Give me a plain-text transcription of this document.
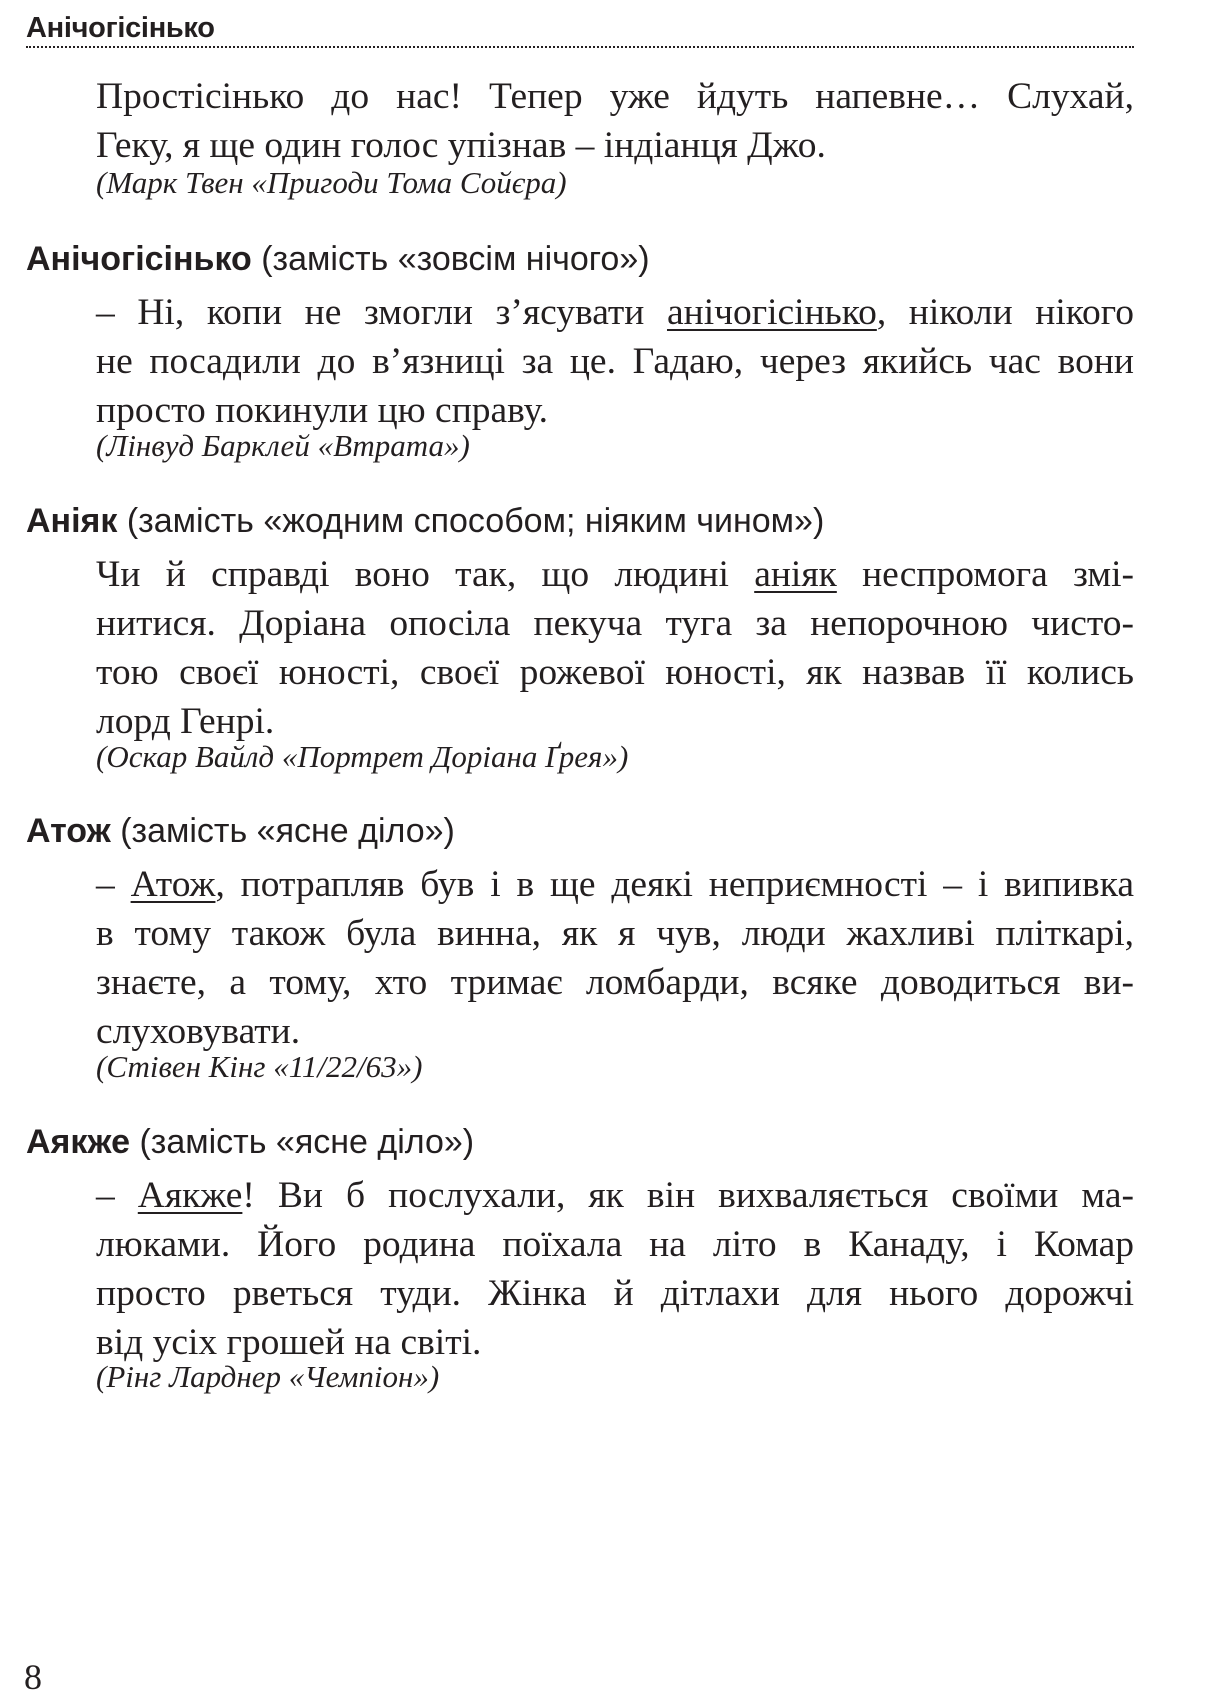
Анічогісінько
Простісінько до нас! Тепер уже йдуть напевне… Слухай,
Геку, я ще один голос упізнав – індіанця Джо.
(Марк Твен «Пригоди Тома Сойєра)
Анічогісінько (замість «зовсім нічого»)
– Ні, копи не змогли з’ясувати анічогісінько, ніколи нікого
не посадили до в’язниці за це. Гадаю, через якийсь час вони
просто покинули цю справу.
(Лінвуд Барклей «Втрата»)
Аніяк (замість «жодним способом; ніяким чином»)
Чи й справді воно так, що людині аніяк неспромога змі-
нитися. Доріана опосіла пекуча туга за непорочною чисто-
тою своєї юності, своєї рожевої юності, як назвав її колись
лорд Генрі.
(Оскар Вайлд «Портрет Доріана Ґрея»)
Атож (замість «ясне діло»)
– Атож, потрапляв був і в ще деякі неприємності – і випивка
в тому також була винна, як я чув, люди жахливі пліткарі,
знаєте, а тому, хто тримає ломбарди, всяке доводиться ви-
слуховувати.
(Стівен Кінг «11/22/63»)
Аякже (замість «ясне діло»)
– Аякже! Ви б послухали, як він вихваляється своїми ма-
люками. Його родина поїхала на літо в Канаду, і Комар
просто рветься туди. Жінка й дітлахи для нього дорожчі
від усіх грошей на світі.
(Рінг Ларднер «Чемпіон»)
8
